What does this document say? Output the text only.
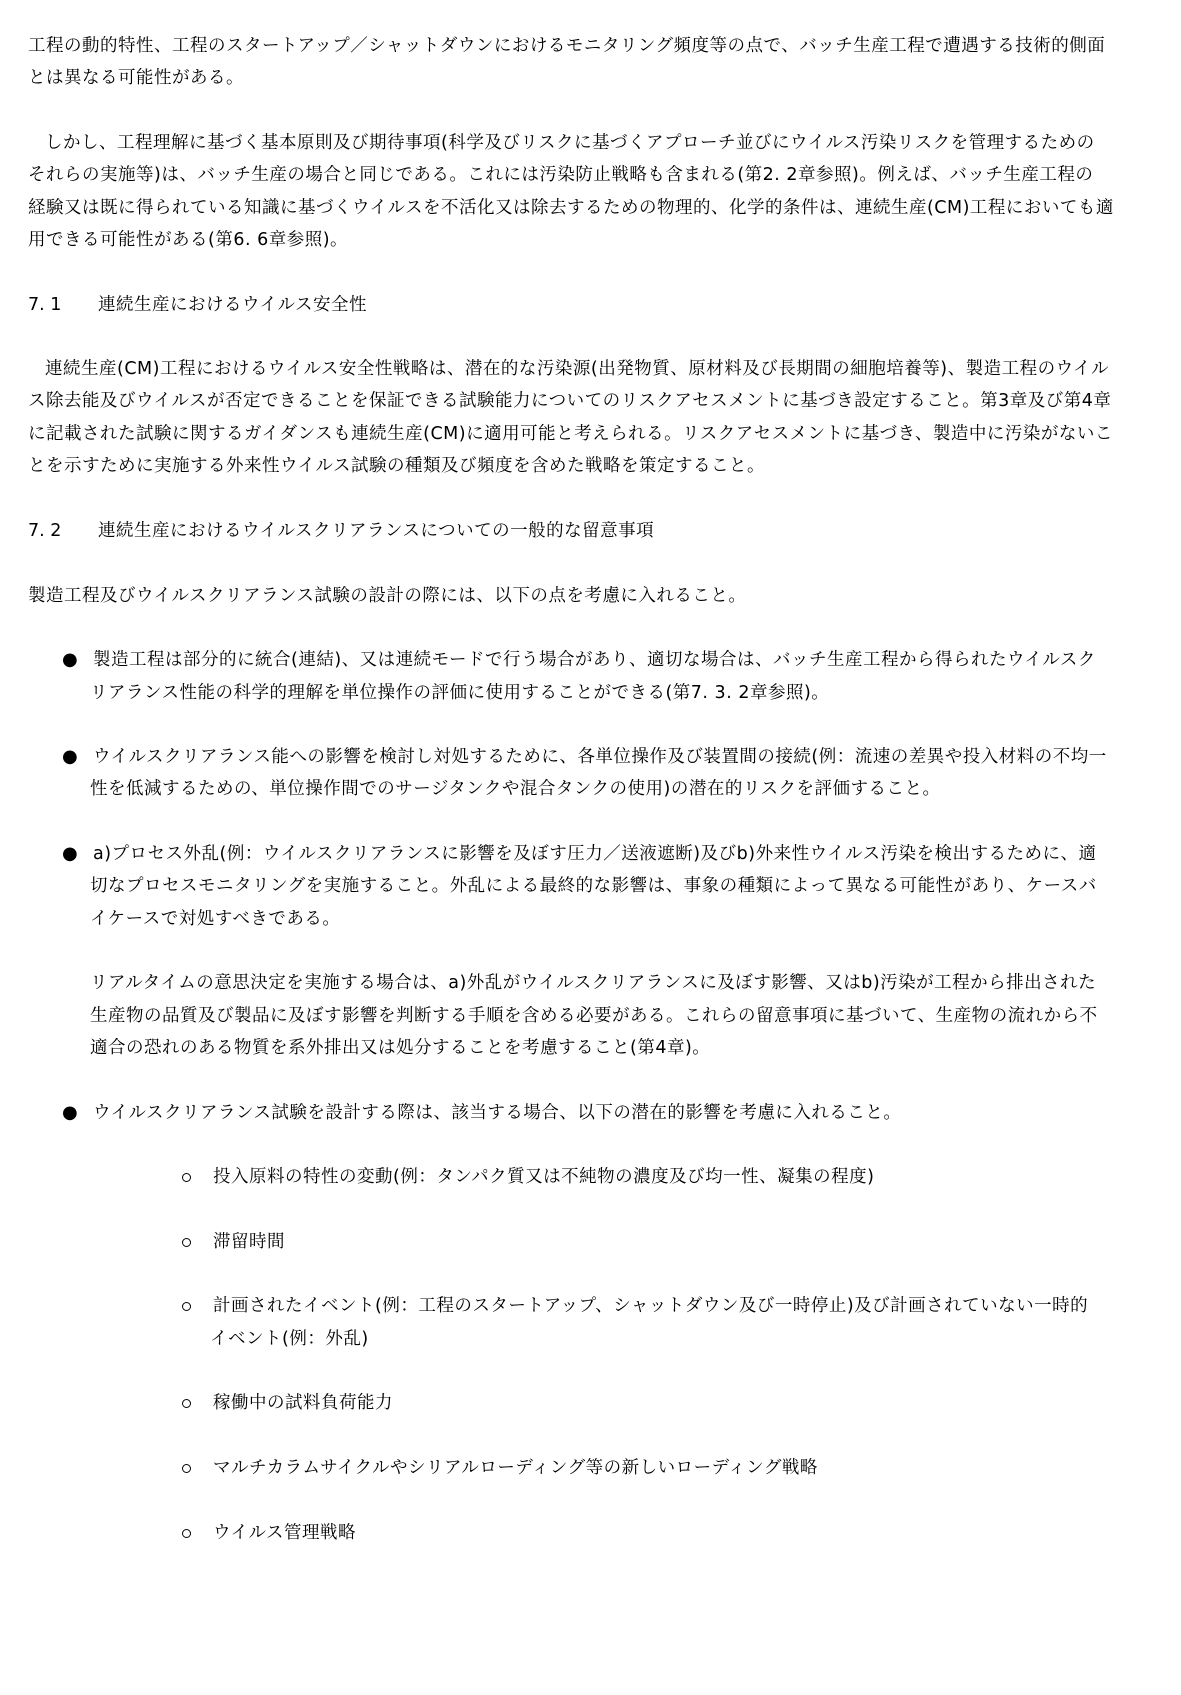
工程の動的特性、工程のスタートアップ／シャットダウンにおけるモニタリング頻度等の点で、バッチ生産工程で遭遇する技術的側面
とは異なる可能性がある。
しかし、工程理解に基づく基本原則及び期待事項(科学及びリスクに基づくアプローチ並びにウイルス汚染リスクを管理するための
それらの実施等)は、バッチ生産の場合と同じである。これには汚染防止戦略も含まれる(第2. 2章参照)。例えば、バッチ生産工程の
経験又は既に得られている知識に基づくウイルスを不活化又は除去するための物理的、化学的条件は、連続生産(CM)工程においても適
用できる可能性がある(第6. 6章参照)。
7. 1 連続生産におけるウイルス安全性
連続生産(CM)工程におけるウイルス安全性戦略は、潜在的な汚染源(出発物質、原材料及び長期間の細胞培養等)、製造工程のウイル
ス除去能及びウイルスが否定できることを保証できる試験能力についてのリスクアセスメントに基づき設定すること。第3章及び第4章
に記載された試験に関するガイダンスも連続生産(CM)に適用可能と考えられる。リスクアセスメントに基づき、製造中に汚染がないこ
とを示すために実施する外来性ウイルス試験の種類及び頻度を含めた戦略を策定すること。
7. 2 連続生産におけるウイルスクリアランスについての一般的な留意事項
製造工程及びウイルスクリアランス試験の設計の際には、以下の点を考慮に入れること。
● 製造工程は部分的に統合(連結)、又は連続モードで行う場合があり、適切な場合は、バッチ生産工程から得られたウイルスク
リアランス性能の科学的理解を単位操作の評価に使用することができる(第7. 3. 2章参照)。
● ウイルスクリアランス能への影響を検討し対処するために、各単位操作及び装置間の接続(例：流速の差異や投入材料の不均一
性を低減するための、単位操作間でのサージタンクや混合タンクの使用)の潜在的リスクを評価すること。
● a)プロセス外乱(例：ウイルスクリアランスに影響を及ぼす圧力／送液遮断)及びb)外来性ウイルス汚染を検出するために、適
切なプロセスモニタリングを実施すること。外乱による最終的な影響は、事象の種類によって異なる可能性があり、ケースバ
イケースで対処すべきである。
リアルタイムの意思決定を実施する場合は、a)外乱がウイルスクリアランスに及ぼす影響、又はb)汚染が工程から排出された
生産物の品質及び製品に及ぼす影響を判断する手順を含める必要がある。これらの留意事項に基づいて、生産物の流れから不
適合の恐れのある物質を系外排出又は処分することを考慮すること(第4章)。
● ウイルスクリアランス試験を設計する際は、該当する場合、以下の潜在的影響を考慮に入れること。
投入原料の特性の変動(例：タンパク質又は不純物の濃度及び均一性、凝集の程度)
滞留時間
計画されたイベント(例：工程のスタートアップ、シャットダウン及び一時停止)及び計画されていない一時的
イベント(例：外乱)
稼働中の試料負荷能力
マルチカラムサイクルやシリアルローディング等の新しいローディング戦略
ウイルス管理戦略
